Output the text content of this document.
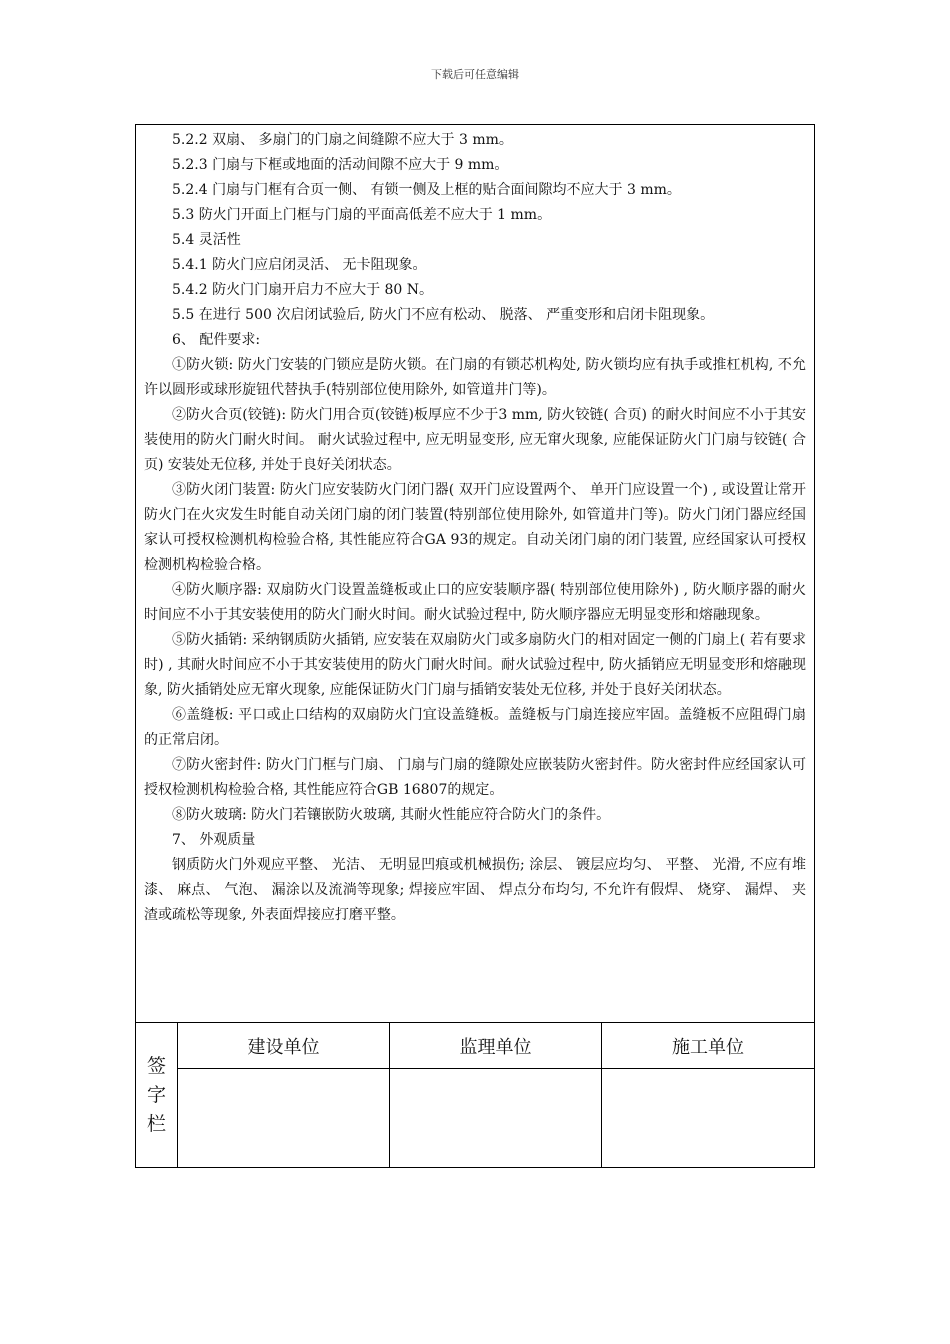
下载后可任意编辑

5.2.2 双扇、 多扇门的门扇之间缝隙不应大于 3 mm。

5.2.3 门扇与下框或地面的活动间隙不应大于 9 mm。

5.2.4 门扇与门框有合页一侧、 有锁一侧及上框的贴合面间隙均不应大于 3 mm。

5.3 防火门开面上门框与门扇的平面高低差不应大于 1 mm。

5.4 灵活性

5.4.1 防火门应启闭灵活、 无卡阻现象。

5.4.2 防火门门扇开启力不应大于 80 N。

5.5 在进行 500 次启闭试验后, 防火门不应有松动、 脱落、 严重变形和启闭卡阻现象。

6、 配件要求:

①防火锁: 防火门安装的门锁应是防火锁。在门扇的有锁芯机构处, 防火锁均应有执手或推杠机构, 不允许以圆形或球形旋钮代替执手(特别部位使用除外, 如管道井门等)。

②防火合页(铰链): 防火门用合页(铰链)板厚应不少于3 mm, 防火铰链( 合页) 的耐火时间应不小于其安装使用的防火门耐火时间。 耐火试验过程中, 应无明显变形, 应无窜火现象, 应能保证防火门门扇与铰链( 合页) 安装处无位移, 并处于良好关闭状态。

③防火闭门装置: 防火门应安装防火门闭门器( 双开门应设置两个、 单开门应设置一个) , 或设置让常开防火门在火灾发生时能自动关闭门扇的闭门装置(特别部位使用除外, 如管道井门等)。防火门闭门器应经国家认可授权检测机构检验合格, 其性能应符合GA 93的规定。自动关闭门扇的闭门装置, 应经国家认可授权检测机构检验合格。

④防火顺序器: 双扇防火门设置盖缝板或止口的应安装顺序器( 特别部位使用除外) , 防火顺序器的耐火时间应不小于其安装使用的防火门耐火时间。耐火试验过程中, 防火顺序器应无明显变形和熔融现象。

⑤防火插销: 采纳钢质防火插销, 应安装在双扇防火门或多扇防火门的相对固定一侧的门扇上( 若有要求时) , 其耐火时间应不小于其安装使用的防火门耐火时间。耐火试验过程中, 防火插销应无明显变形和熔融现象, 防火插销处应无窜火现象, 应能保证防火门门扇与插销安装处无位移, 并处于良好关闭状态。

⑥盖缝板: 平口或止口结构的双扇防火门宜设盖缝板。盖缝板与门扇连接应牢固。盖缝板不应阻碍门扇的正常启闭。

⑦防火密封件: 防火门门框与门扇、 门扇与门扇的缝隙处应嵌装防火密封件。防火密封件应经国家认可授权检测机构检验合格, 其性能应符合GB 16807的规定。

⑧防火玻璃: 防火门若镶嵌防火玻璃, 其耐火性能应符合防火门的条件。

7、 外观质量

钢质防火门外观应平整、 光洁、 无明显凹痕或机械损伤; 涂层、 镀层应均匀、 平整、 光滑, 不应有堆漆、 麻点、 气泡、 漏涂以及流淌等现象; 焊接应牢固、 焊点分布均匀, 不允许有假焊、 烧穿、 漏焊、 夹渣或疏松等现象, 外表面焊接应打磨平整。

签
字
栏
建设单位	监理单位	施工单位
